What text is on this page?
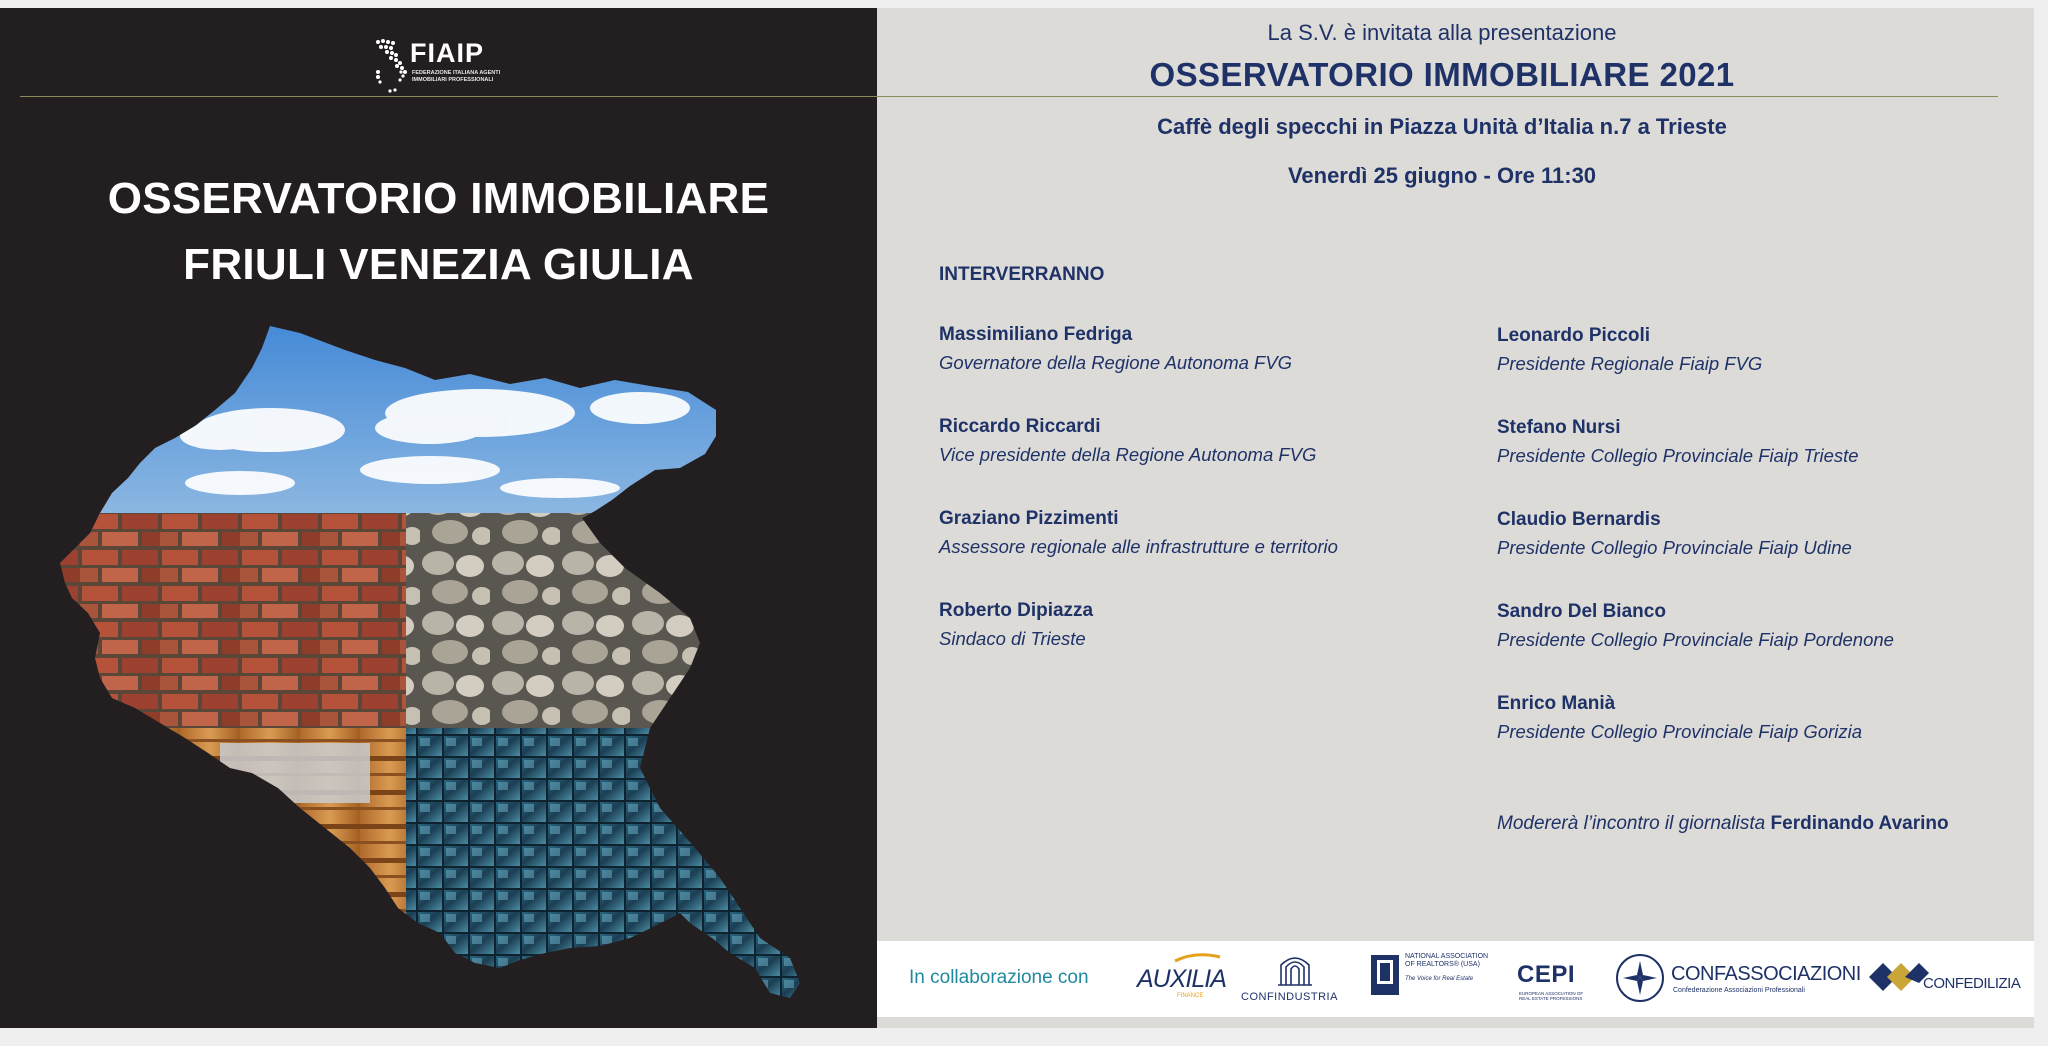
FIAIP
FEDERAZIONE ITALIANA AGENTI IMMOBILIARI PROFESSIONALI
OSSERVATORIO IMMOBILIARE
FRIULI VENEZIA GIULIA
La S.V. è invitata alla presentazione
OSSERVATORIO IMMOBILIARE 2021
Caffè degli specchi in Piazza Unità d’Italia n.7 a Trieste
Venerdì 25 giugno - Ore 11:30
INTERVERRANNO
Massimiliano Fedriga
Governatore della Regione Autonoma FVG
Riccardo Riccardi
Vice presidente della Regione Autonoma FVG
Graziano Pizzimenti
Assessore regionale alle infrastrutture e territorio
Roberto Dipiazza
Sindaco di Trieste
Leonardo Piccoli
Presidente Regionale Fiaip FVG
Stefano Nursi
Presidente Collegio Provinciale Fiaip Trieste
Claudio Bernardis
Presidente Collegio Provinciale Fiaip Udine
Sandro Del Bianco
Presidente Collegio Provinciale Fiaip Pordenone
Enrico Manià
Presidente Collegio Provinciale Fiaip Gorizia
Modererà l’incontro il giornalista Ferdinando Avarino
In collaborazione con AUXILIA
FINANCE	CONFINDUSTRIA
NATIONAL ASSOCIATION OF REALTORS® (USA)
The Voice for Real Estate CEPI
EUROPEAN ASSOCIATION OF REAL ESTATE PROFESSIONS
CONFASSOCIAZIONI
Confederazione Associazioni Professionali	CONFEDILIZIA
